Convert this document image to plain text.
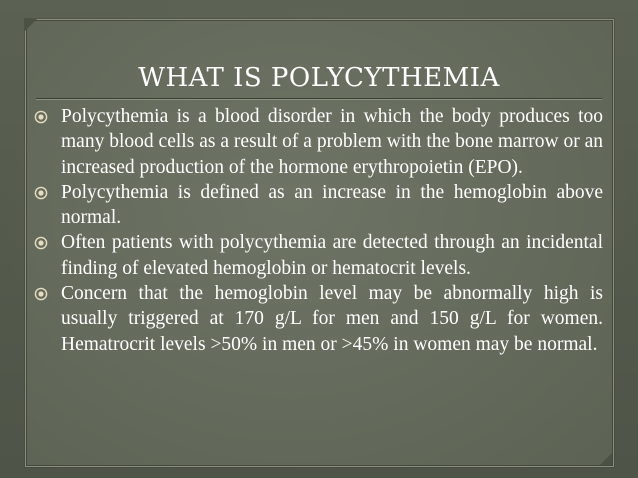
WHAT IS POLYCYTHEMIA
Polycythemia is a blood disorder in which the body produces too many blood cells as a result of a problem with the bone marrow or an increased production of the hormone erythropoietin (EPO).
Polycythemia is defined as an increase in the hemoglobin above normal.
Often patients with polycythemia are detected through an incidental finding of elevated hemoglobin or hematocrit levels.
Concern that the hemoglobin level may be abnormally high is usually triggered at 170 g/L for men and 150 g/L for women. Hematrocrit levels >50% in men or >45% in women may be normal.
